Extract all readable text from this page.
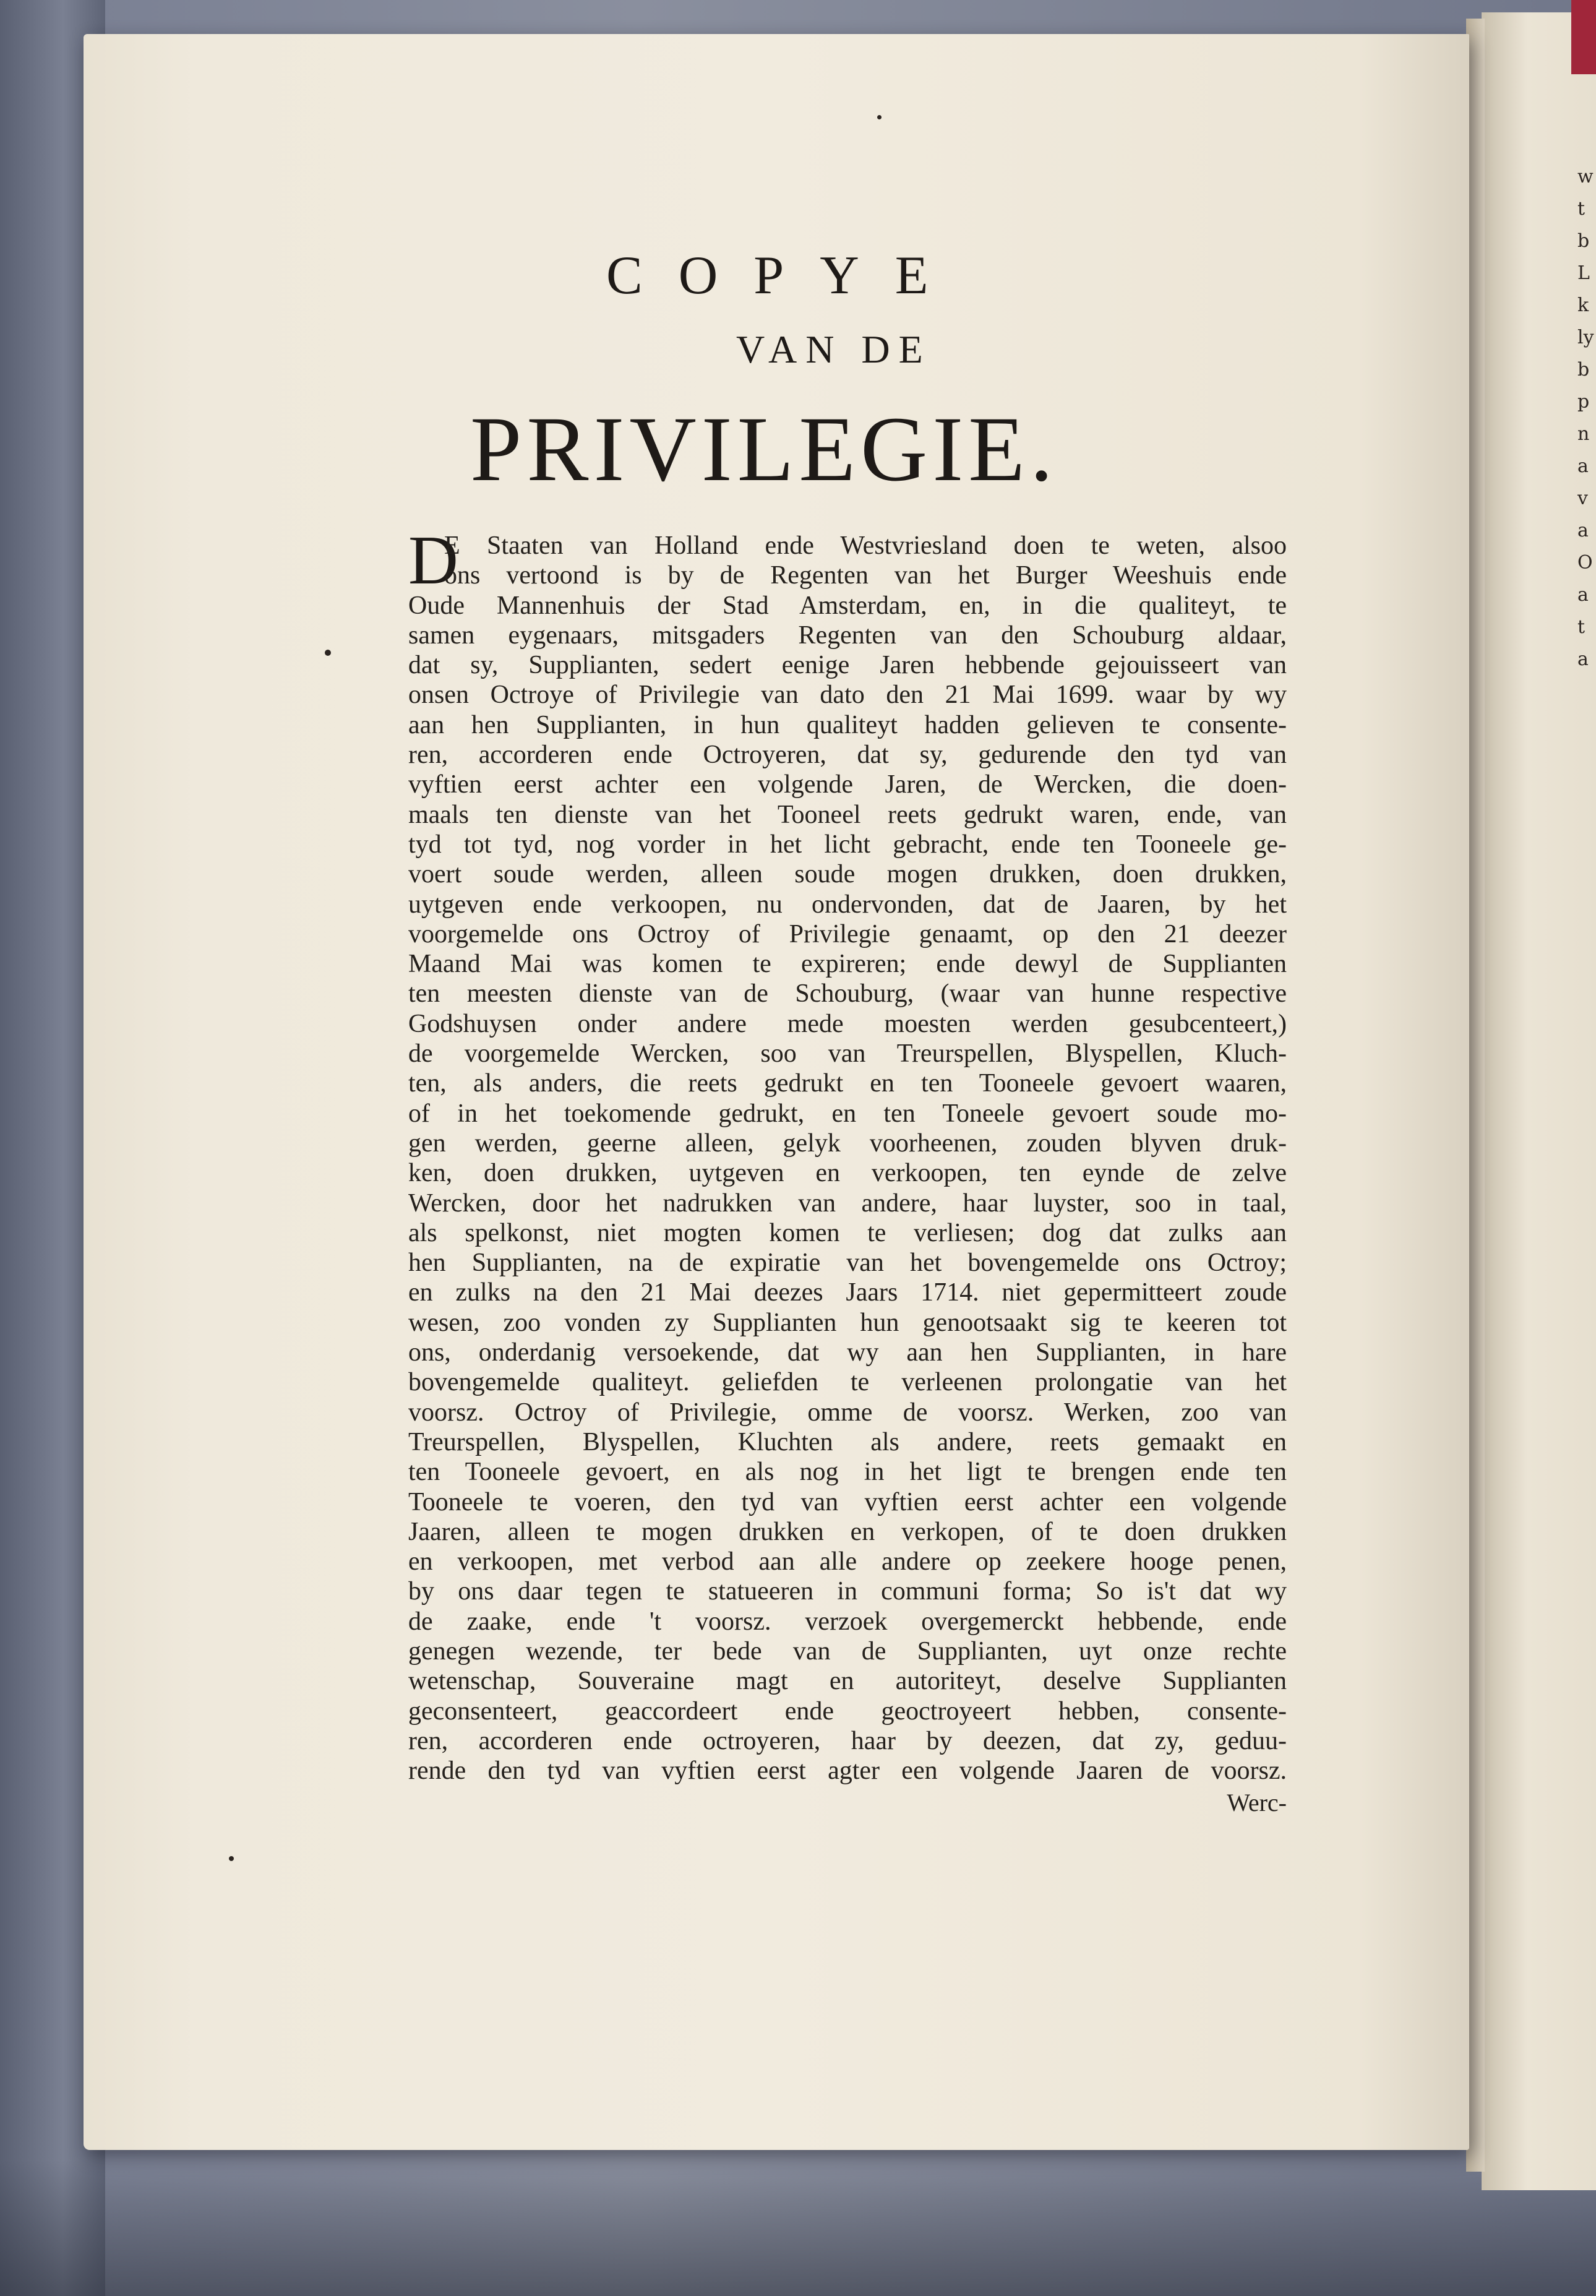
w
t
b
L
k
ly
b
p
n
a
v
a
O
a
t
a
COPYE
VAN DE
PRIVILEGIE.
D
E Staaten van Holland ende Westvriesland doen te weten, alsoo
ons vertoond is by de Regenten van het Burger Weeshuis ende
Oude Mannenhuis der Stad Amsterdam, en, in die qualiteyt, te
samen eygenaars, mitsgaders Regenten van den Schouburg aldaar,
dat sy, Supplianten, sedert eenige Jaren hebbende gejouisseert van
onsen Octroye of Privilegie van dato den 21 Mai 1699. waar by wy
aan hen Supplianten, in hun qualiteyt hadden gelieven te consente-
ren, accorderen ende Octroyeren, dat sy, gedurende den tyd van
vyftien eerst achter een volgende Jaren, de Wercken, die doen-
maals ten dienste van het Tooneel reets gedrukt waren, ende, van
tyd tot tyd, nog vorder in het licht gebracht, ende ten Tooneele ge-
voert soude werden, alleen soude mogen drukken, doen drukken,
uytgeven ende verkoopen, nu ondervonden, dat de Jaaren, by het
voorgemelde ons Octroy of Privilegie genaamt, op den 21 deezer
Maand Mai was komen te expireren; ende dewyl de Supplianten
ten meesten dienste van de Schouburg, (waar van hunne respective
Godshuysen onder andere mede moesten werden gesubcenteert,)
de voorgemelde Wercken, soo van Treurspellen, Blyspellen, Kluch-
ten, als anders, die reets gedrukt en ten Tooneele gevoert waaren,
of in het toekomende gedrukt, en ten Toneele gevoert soude mo-
gen werden, geerne alleen, gelyk voorheenen, zouden blyven druk-
ken, doen drukken, uytgeven en verkoopen, ten eynde de zelve
Wercken, door het nadrukken van andere, haar luyster, soo in taal,
als spelkonst, niet mogten komen te verliesen; dog dat zulks aan
hen Supplianten, na de expiratie van het bovengemelde ons Octroy;
en zulks na den 21 Mai deezes Jaars 1714. niet gepermitteert zoude
wesen, zoo vonden zy Supplianten hun genootsaakt sig te keeren tot
ons, onderdanig versoekende, dat wy aan hen Supplianten, in hare
bovengemelde qualiteyt. geliefden te verleenen prolongatie van het
voorsz. Octroy of Privilegie, omme de voorsz. Werken, zoo van
Treurspellen, Blyspellen, Kluchten als andere, reets gemaakt en
ten Tooneele gevoert, en als nog in het ligt te brengen ende ten
Tooneele te voeren, den tyd van vyftien eerst achter een volgende
Jaaren, alleen te mogen drukken en verkopen, of te doen drukken
en verkoopen, met verbod aan alle andere op zeekere hooge penen,
by ons daar tegen te statueeren in communi forma; So is't dat wy
de zaake, ende 't voorsz. verzoek overgemerckt hebbende, ende
genegen wezende, ter bede van de Supplianten, uyt onze rechte
wetenschap, Souveraine magt en autoriteyt, deselve Supplianten
geconsenteert, geaccordeert ende geoctroyeert hebben, consente-
ren, accorderen ende octroyeren, haar by deezen, dat zy, geduu-
rende den tyd van vyftien eerst agter een volgende Jaaren de voorsz.
Werc-
